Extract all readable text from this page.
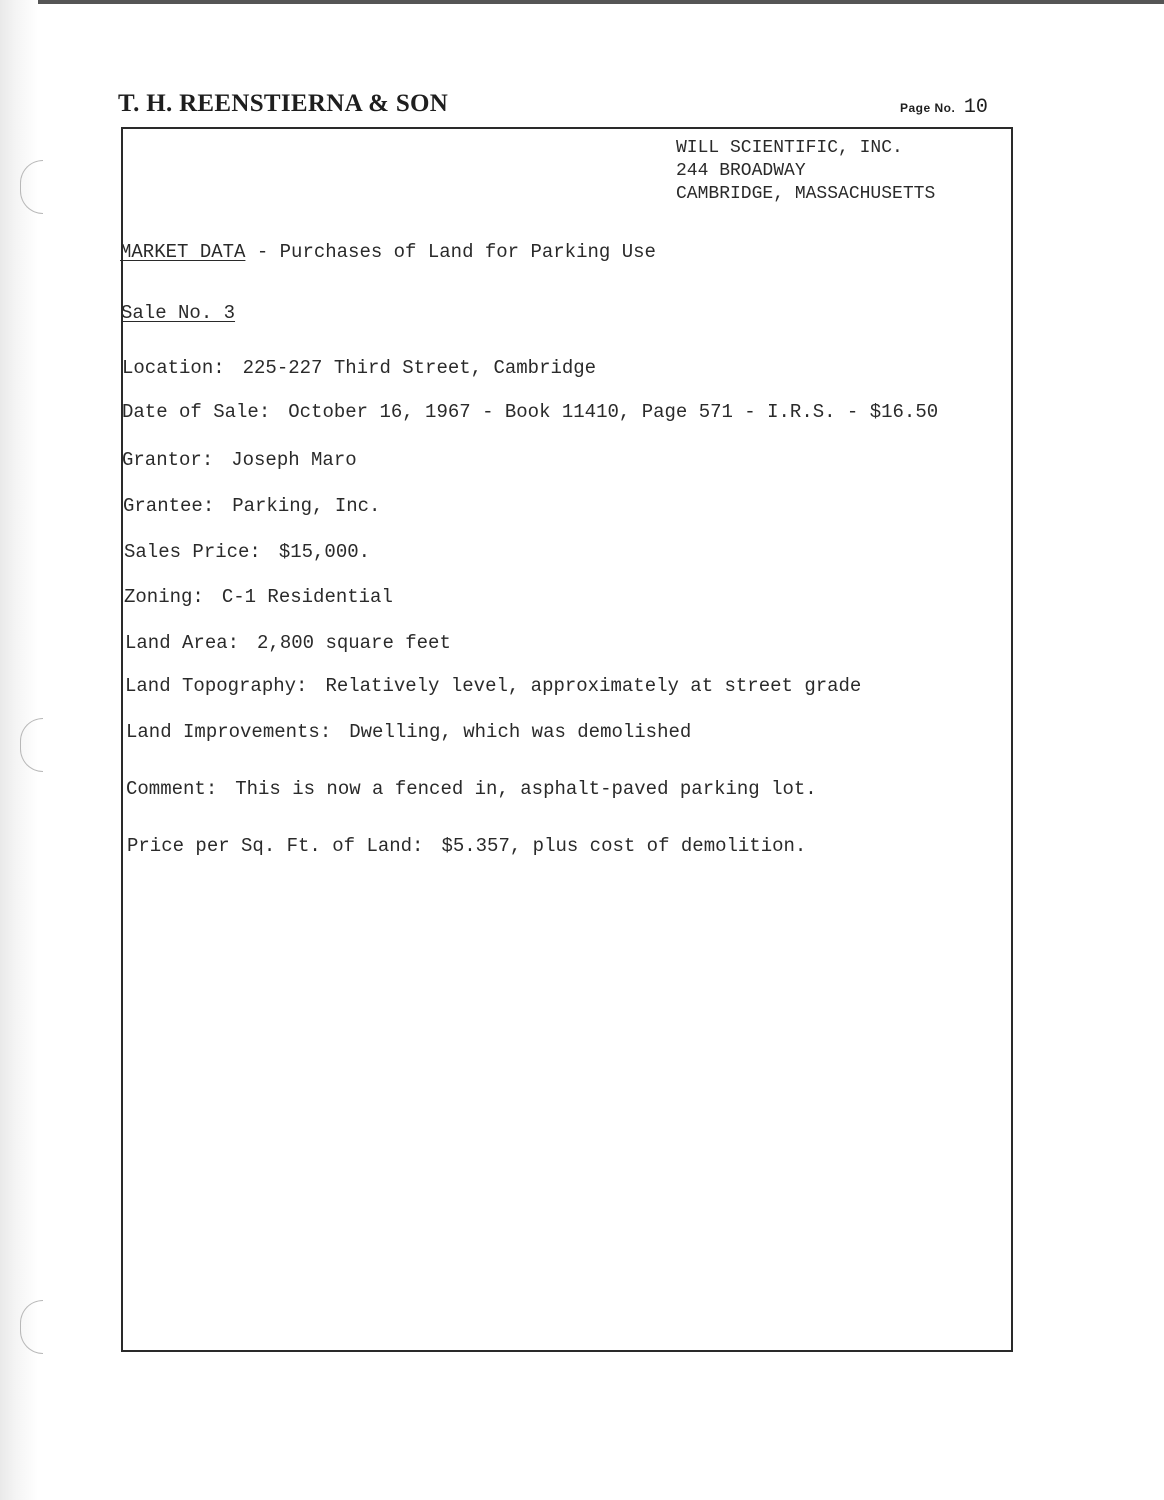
T. H. REENSTIERNA & SON	Page No. 10
WILL SCIENTIFIC, INC.
244 BROADWAY
CAMBRIDGE, MASSACHUSETTS
MARKET DATA - Purchases of Land for Parking Use
Sale No. 3
Location: 225-227 Third Street, Cambridge
Date of Sale: October 16, 1967 - Book 11410, Page 571 - I.R.S. - $16.50
Grantor: Joseph Maro
Grantee: Parking, Inc.
Sales Price: $15,000.
Zoning: C-1 Residential
Land Area: 2,800 square feet
Land Topography: Relatively level, approximately at street grade
Land Improvements: Dwelling, which was demolished
Comment: This is now a fenced in, asphalt-paved parking lot.
Price per Sq. Ft. of Land: $5.357, plus cost of demolition.
